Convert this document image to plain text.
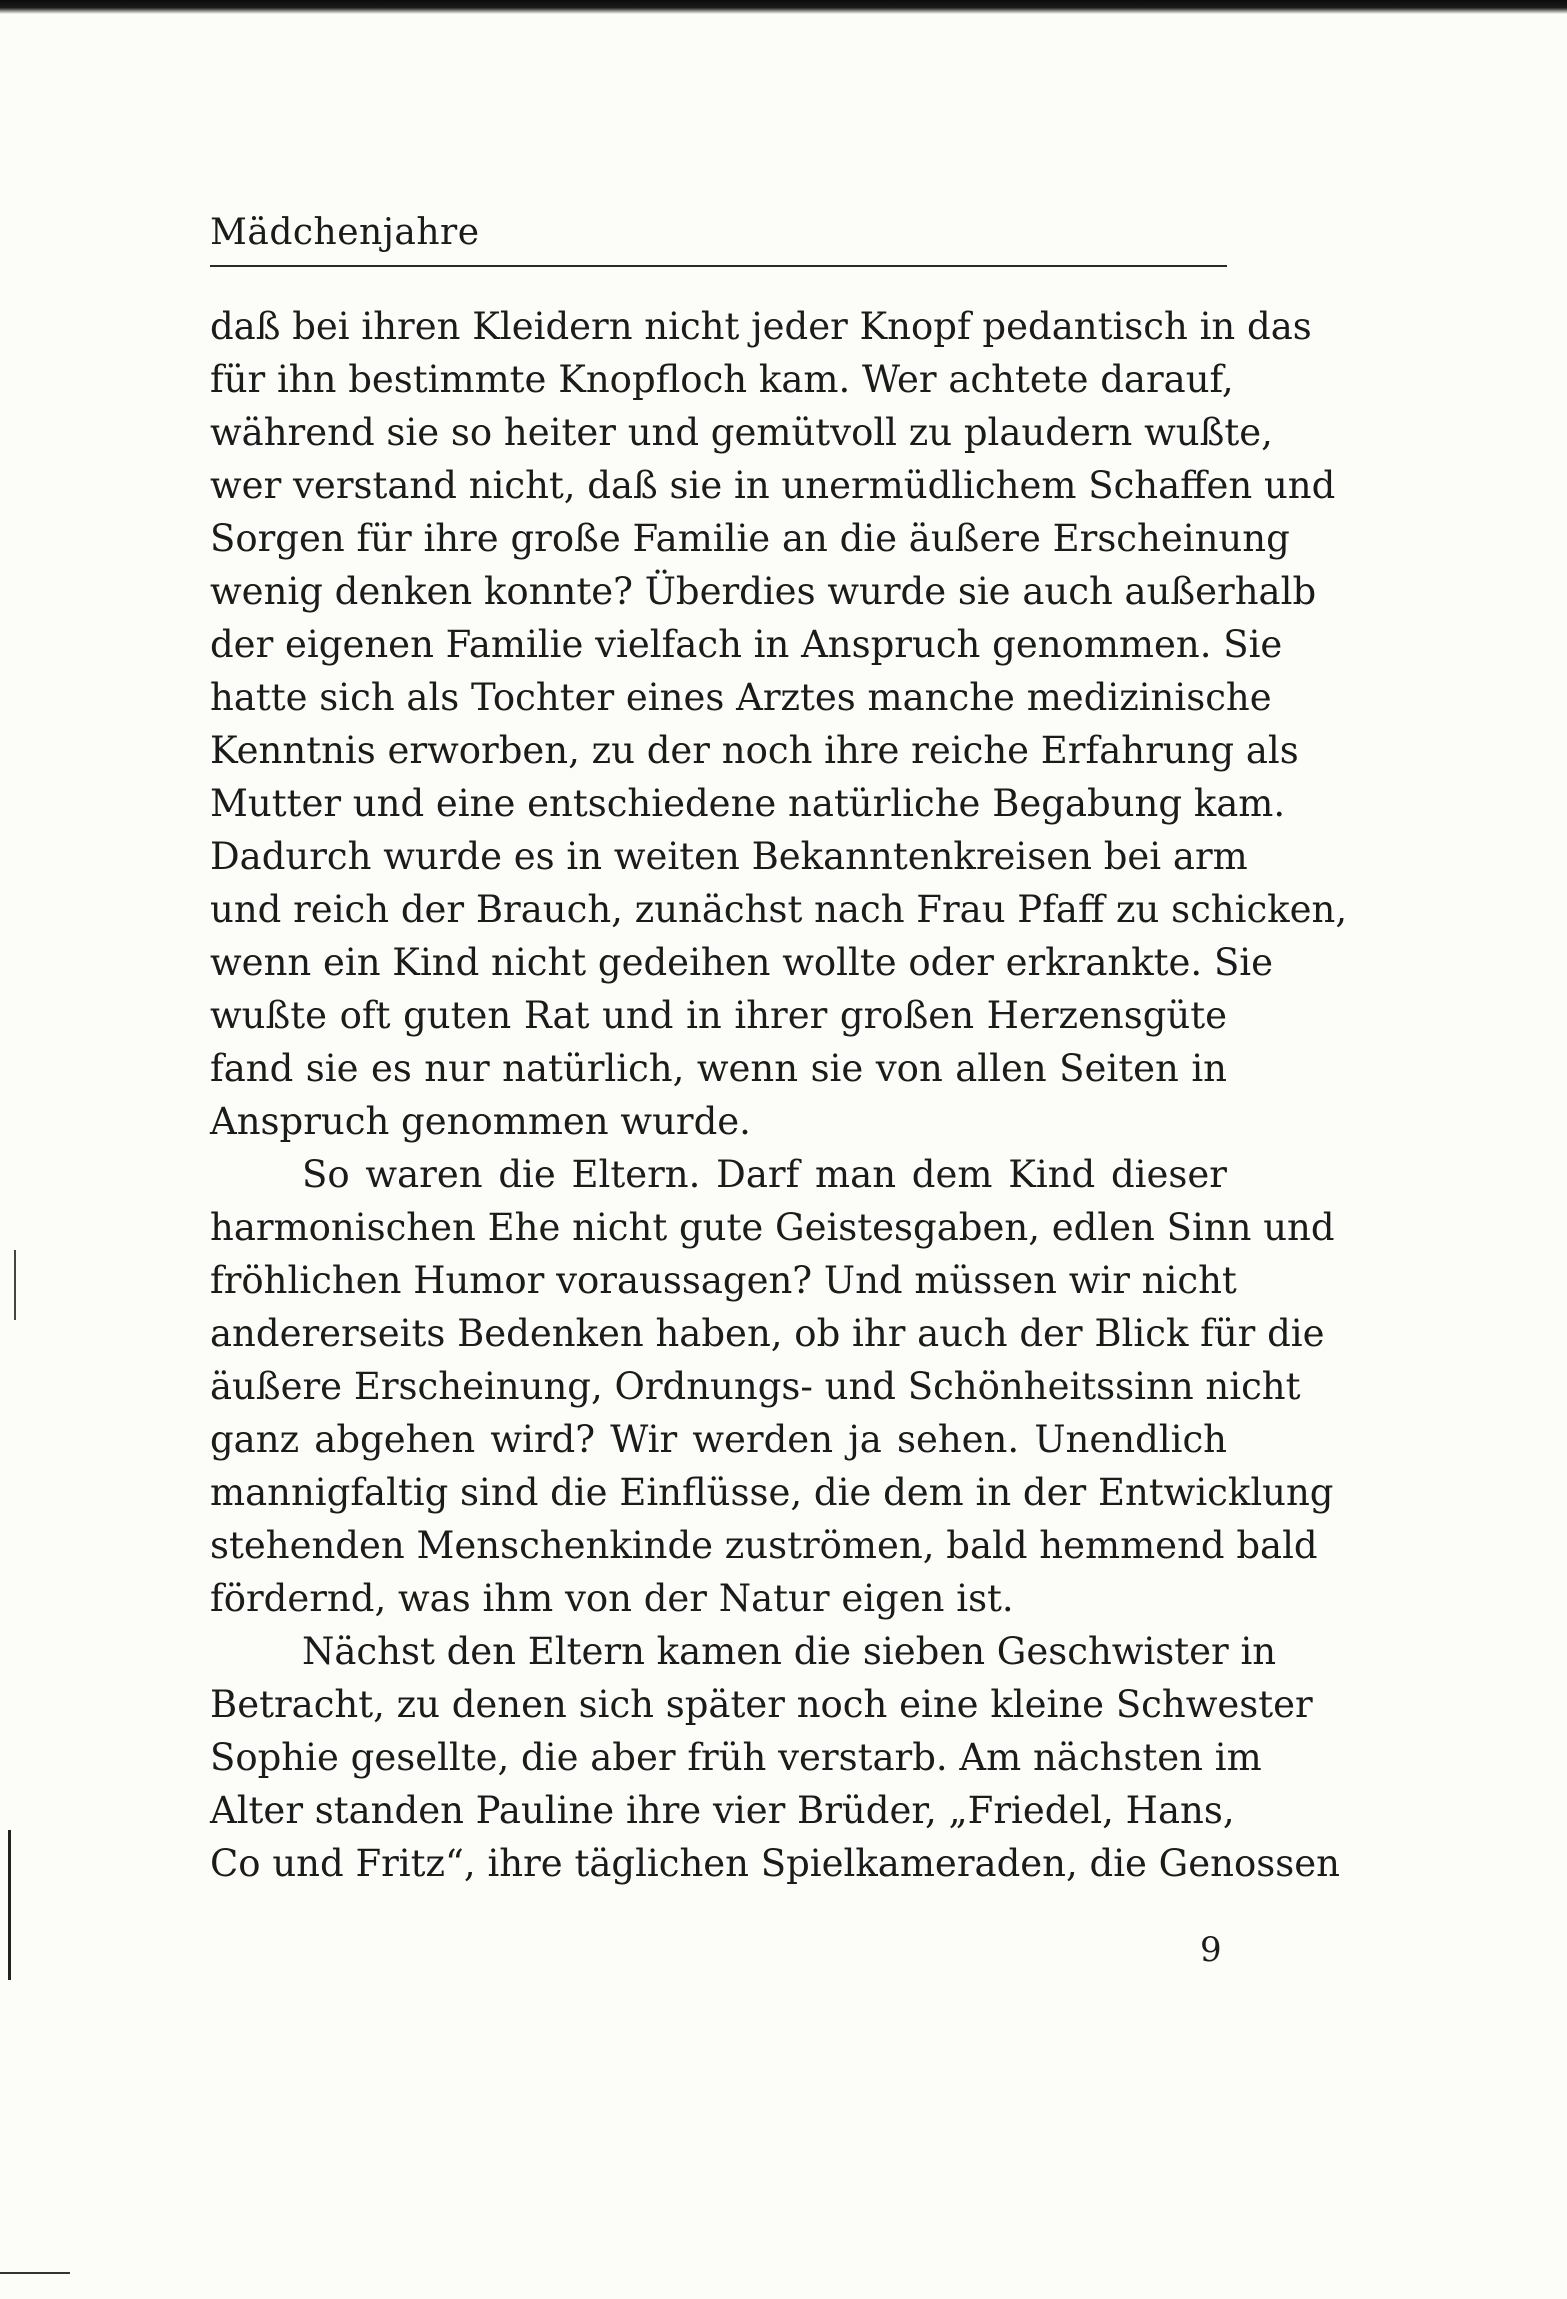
Mädchenjahre
daß bei ihren Kleidern nicht jeder Knopf pedantisch in das
für ihn bestimmte Knopfloch kam. Wer achtete darauf,
während sie so heiter und gemütvoll zu plaudern wußte,
wer verstand nicht, daß sie in unermüdlichem Schaffen und
Sorgen für ihre große Familie an die äußere Erscheinung
wenig denken konnte? Überdies wurde sie auch außerhalb
der eigenen Familie vielfach in Anspruch genommen. Sie
hatte sich als Tochter eines Arztes manche medizinische
Kenntnis erworben, zu der noch ihre reiche Erfahrung als
Mutter und eine entschiedene natürliche Begabung kam.
Dadurch wurde es in weiten Bekanntenkreisen bei arm
und reich der Brauch, zunächst nach Frau Pfaff zu schicken,
wenn ein Kind nicht gedeihen wollte oder erkrankte. Sie
wußte oft guten Rat und in ihrer großen Herzensgüte
fand sie es nur natürlich, wenn sie von allen Seiten in
Anspruch genommen wurde.
So waren die Eltern. Darf man dem Kind dieser
harmonischen Ehe nicht gute Geistesgaben, edlen Sinn und
fröhlichen Humor voraussagen? Und müssen wir nicht
andererseits Bedenken haben, ob ihr auch der Blick für die
äußere Erscheinung, Ordnungs- und Schönheitssinn nicht
ganz abgehen wird? Wir werden ja sehen. Unendlich
mannigfaltig sind die Einflüsse, die dem in der Entwicklung
stehenden Menschenkinde zuströmen, bald hemmend bald
fördernd, was ihm von der Natur eigen ist.
Nächst den Eltern kamen die sieben Geschwister in
Betracht, zu denen sich später noch eine kleine Schwester
Sophie gesellte, die aber früh verstarb. Am nächsten im
Alter standen Pauline ihre vier Brüder, „Friedel, Hans,
Co und Fritz“, ihre täglichen Spielkameraden, die Genossen
9
